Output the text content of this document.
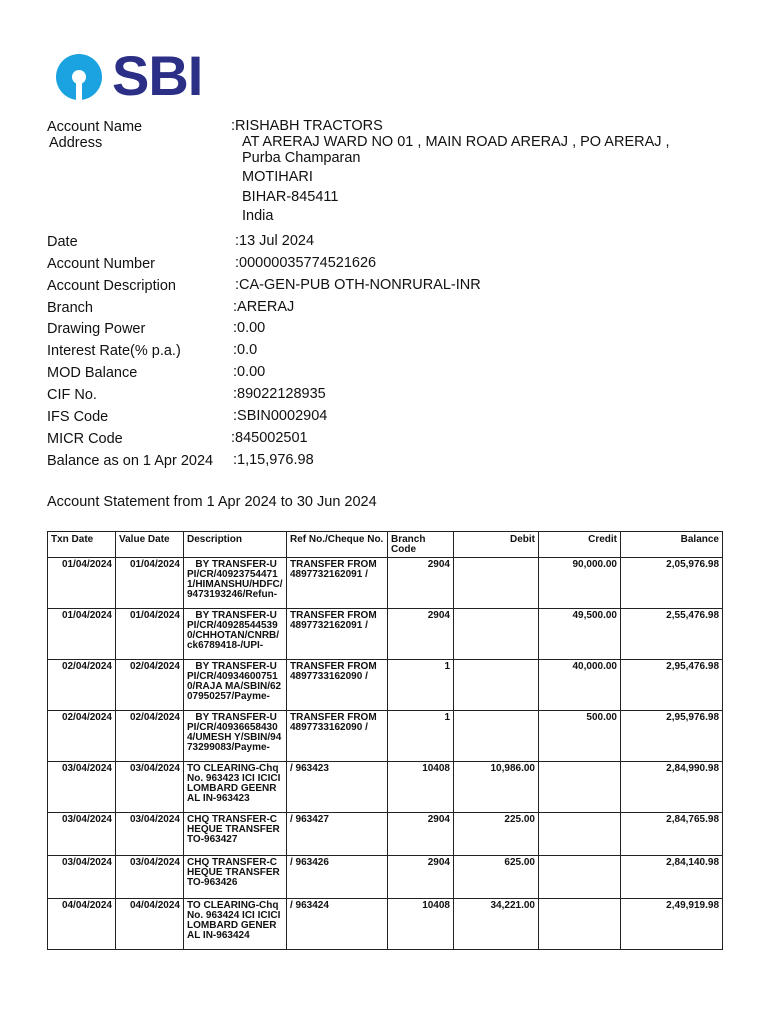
SBI
Account Name	:RISHABH TRACTORS
Address	AT ARERAJ WARD NO 01 , MAIN ROAD ARERAJ , PO ARERAJ ,
Purba Champaran
MOTIHARI
BIHAR-845411
India
Date	:13 Jul 2024
Account Number	:00000035774521626
Account Description	:CA-GEN-PUB OTH-NONRURAL-INR
Branch	:ARERAJ
Drawing Power	:0.00
Interest Rate(% p.a.)	:0.0
MOD Balance	:0.00
CIF No.	:89022128935
IFS Code	:SBIN0002904
MICR Code	:845002501
Balance as on 1 Apr 2024 :1,15,976.98
Account Statement from 1 Apr 2024 to 30 Jun 2024
Txn Date	Value Date	Description	Ref No./Cheque No.	Branch Code	Debit	Credit	Balance
01/04/2024	01/04/2024	BY TRANSFER-UPI/CR/409237544711/HIMANSHU/HDFC/9473193246/Refun-	TRANSFER FROM 4897732162091 /	2904		90,000.00	2,05,976.98
01/04/2024	01/04/2024	BY TRANSFER-UPI/CR/409285445390/CHHOTAN/CNRB/ck6789418-/UPI-	TRANSFER FROM 4897732162091 /	2904		49,500.00	2,55,476.98
02/04/2024	02/04/2024	BY TRANSFER-UPI/CR/409346007510/RAJA MA/SBIN/6207950257/Payme-	TRANSFER FROM 4897733162090 /	1		40,000.00	2,95,476.98
02/04/2024	02/04/2024	BY TRANSFER-UPI/CR/409366584304/UMESH Y/SBIN/9473299083/Payme-	TRANSFER FROM 4897733162090 /	1		500.00	2,95,976.98
03/04/2024	03/04/2024	TO CLEARING-Chq No. 963423 ICI ICICI LOMBARD GEENRAL IN-963423	/ 963423	10408	10,986.00		2,84,990.98
03/04/2024	03/04/2024	CHQ TRANSFER-CHEQUE TRANSFER TO-963427	/ 963427	2904	225.00		2,84,765.98
03/04/2024	03/04/2024	CHQ TRANSFER-CHEQUE TRANSFER TO-963426	/ 963426	2904	625.00		2,84,140.98
04/04/2024	04/04/2024	TO CLEARING-Chq No. 963424 ICI ICICI LOMBARD GENERAL IN-963424	/ 963424	10408	34,221.00		2,49,919.98
